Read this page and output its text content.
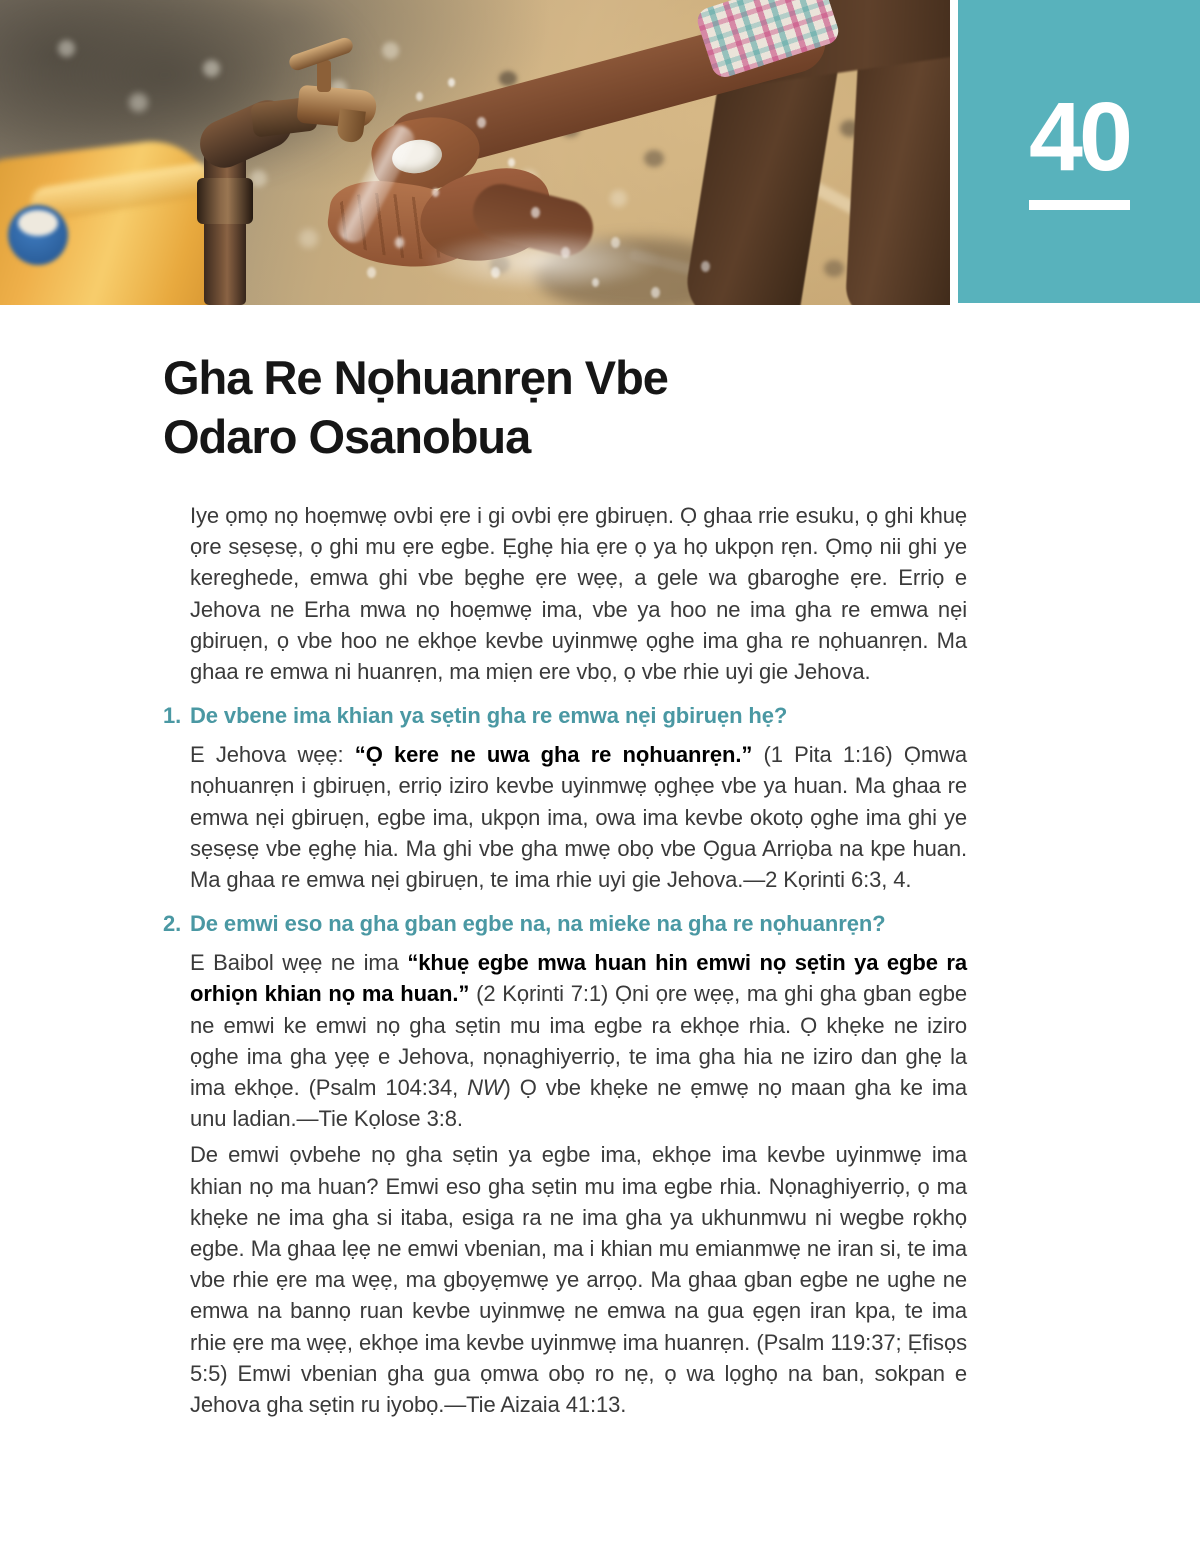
40
Gha Re Nọhuanrẹn Vbe
Odaro Osanobua

Iye ọmọ nọ hoẹmwẹ ovbi ẹre i gi ovbi ẹre gbiruẹn. Ọ ghaa rrie esuku, ọ ghi khuẹ ọre sẹsẹsẹ, ọ ghi mu ẹre egbe. Ẹghẹ hia ẹre ọ ya họ ukpọn rẹn. Ọmọ nii ghi ye kereghede, emwa ghi vbe bẹghe ẹre wẹẹ, a gele wa gbaroghe ẹre. Erriọ e Jehova ne Erha mwa nọ hoẹmwẹ ima, vbe ya hoo ne ima gha re emwa nẹi gbiruẹn, ọ vbe hoo ne ekhọe kevbe uyinmwẹ ọghe ima gha re nọhuanrẹn. Ma ghaa re emwa ni huanrẹn, ma miẹn ere vbọ, ọ vbe rhie uyi gie Jehova.

1. De vbene ima khian ya sẹtin gha re emwa nẹi gbiruẹn hẹ?

E Jehova wẹẹ: “Ọ kere ne uwa gha re nọhuanrẹn.” (1 Pita 1:16) Ọmwa nọhuanrẹn i gbiruẹn, erriọ iziro kevbe uyinmwẹ ọghẹe vbe ya huan. Ma ghaa re emwa nẹi gbiruẹn, egbe ima, ukpọn ima, owa ima kevbe okotọ ọghe ima ghi ye sẹsẹsẹ vbe ẹghẹ hia. Ma ghi vbe gha mwẹ obọ vbe Ọgua Arriọba na kpe huan. Ma ghaa re emwa nẹi gbiruẹn, te ima rhie uyi gie Jehova.—2 Kọrinti 6:3, 4.

2. De emwi eso na gha gban egbe na, na mieke na gha re nọhuanrẹn?

E Baibol wẹẹ ne ima “khuẹ egbe mwa huan hin emwi nọ sẹtin ya egbe ra orhiọn khian nọ ma huan.” (2 Kọrinti 7:1) Ọni ọre wẹẹ, ma ghi gha gban egbe ne emwi ke emwi nọ gha sẹtin mu ima egbe ra ekhọe rhia. Ọ khẹke ne iziro ọghe ima gha yẹẹ e Jehova, nọnaghiyerriọ, te ima gha hia ne iziro dan ghẹ la ima ekhọe. (Psalm 104:34, NW) Ọ vbe khẹke ne ẹmwẹ nọ maan gha ke ima unu ladian.—Tie Kọlose 3:8.

De emwi ọvbehe nọ gha sẹtin ya egbe ima, ekhọe ima kevbe uyinmwẹ ima khian nọ ma huan? Emwi eso gha sẹtin mu ima egbe rhia. Nọnaghiyerriọ, ọ ma khẹke ne ima gha si itaba, esiga ra ne ima gha ya ukhunmwu ni wegbe rọkhọ egbe. Ma ghaa lẹẹ ne emwi vbenian, ma i khian mu emianmwẹ ne iran si, te ima vbe rhie ẹre ma wẹẹ, ma gbọyẹmwẹ ye arrọọ. Ma ghaa gban egbe ne ughe ne emwa na bannọ ruan kevbe uyinmwẹ ne emwa na gua ẹgẹn iran kpa, te ima rhie ẹre ma wẹẹ, ekhọe ima kevbe uyinmwẹ ima huanrẹn. (Psalm 119:37; Ẹfisọs 5:5) Emwi vbenian gha gua ọmwa obọ ro nẹ, ọ wa lọghọ na ban, sokpan e Jehova gha sẹtin ru iyobọ.—Tie Aizaia 41:13.
